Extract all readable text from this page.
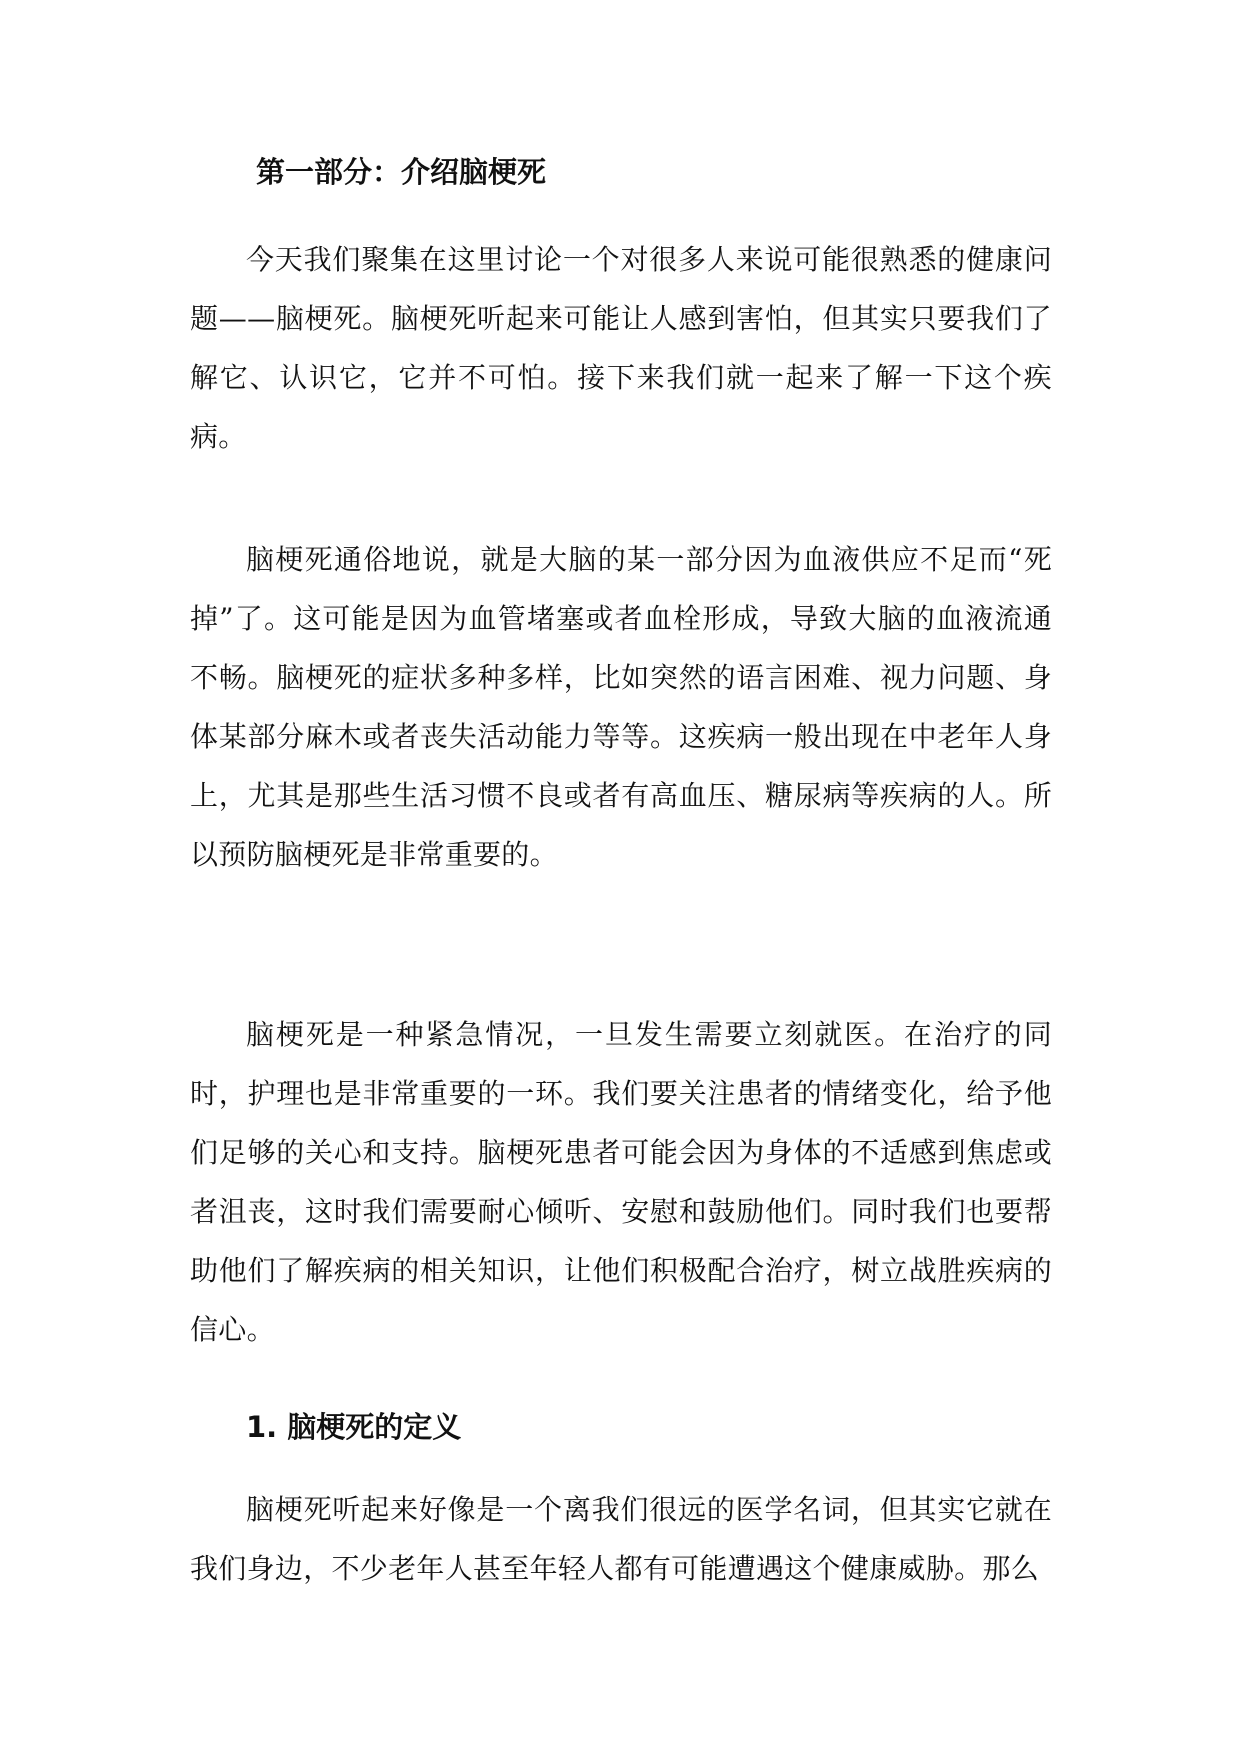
第一部分：介绍脑梗死

今天我们聚集在这里讨论一个对很多人来说可能很熟悉的健康问题——脑梗死。脑梗死听起来可能让人感到害怕，但其实只要我们了解它、认识它，它并不可怕。接下来我们就一起来了解一下这个疾病。

脑梗死通俗地说，就是大脑的某一部分因为血液供应不足而“死掉”了。这可能是因为血管堵塞或者血栓形成，导致大脑的血液流通不畅。脑梗死的症状多种多样，比如突然的语言困难、视力问题、身体某部分麻木或者丧失活动能力等等。这疾病一般出现在中老年人身上，尤其是那些生活习惯不良或者有高血压、糖尿病等疾病的人。所以预防脑梗死是非常重要的。

脑梗死是一种紧急情况，一旦发生需要立刻就医。在治疗的同时，护理也是非常重要的一环。我们要关注患者的情绪变化，给予他们足够的关心和支持。脑梗死患者可能会因为身体的不适感到焦虑或者沮丧，这时我们需要耐心倾听、安慰和鼓励他们。同时我们也要帮助他们了解疾病的相关知识，让他们积极配合治疗，树立战胜疾病的信心。

1. 脑梗死的定义

脑梗死听起来好像是一个离我们很远的医学名词，但其实它就在我们身边，不少老年人甚至年轻人都有可能遭遇这个健康威胁。那么
